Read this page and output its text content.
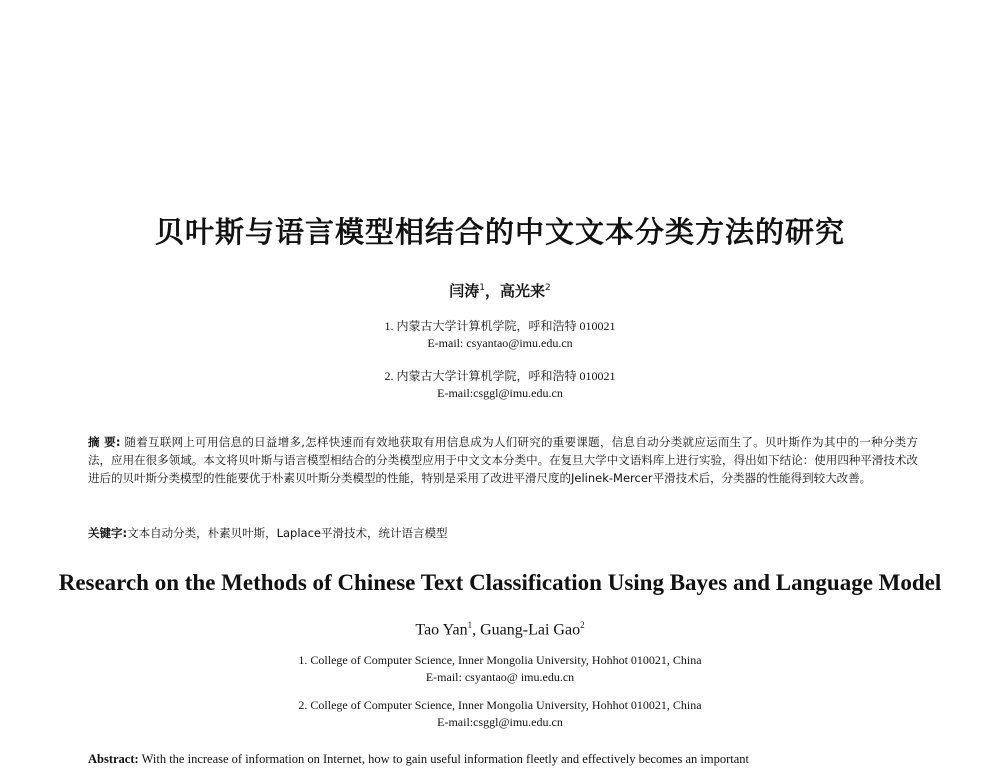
贝叶斯与语言模型相结合的中文文本分类方法的研究
闫涛$^1$，高光来$^2$
1. 内蒙古大学计算机学院，呼和浩特 010021
E-mail: csyantao@imu.edu.cn
2. 内蒙古大学计算机学院，呼和浩特 010021
E-mail:csggl@imu.edu.cn
摘 要: 随着互联网上可用信息的日益增多,怎样快速而有效地获取有用信息成为人们研究的重要课题，信息自动分类就应运而生了。贝叶斯作为其中的一种分类方法，应用在很多领域。本文将贝叶斯与语言模型相结合的分类模型应用于中文文本分类中。在复旦大学中文语料库上进行实验，得出如下结论：使用四种平滑技术改进后的贝叶斯分类模型的性能要优于朴素贝叶斯分类模型的性能，特别是采用了改进平滑尺度的Jelinek-Mercer平滑技术后，分类器的性能得到较大改善。
关键字:文本自动分类，朴素贝叶斯，Laplace平滑技术，统计语言模型
Research on the Methods of Chinese Text Classification Using Bayes and Language Model
Tao Yan$^1$, Guang-Lai Gao$^2$
1. College of Computer Science, Inner Mongolia University, Hohhot 010021, China
E-mail: csyantao@ imu.edu.cn
2. College of Computer Science, Inner Mongolia University, Hohhot 010021, China
E-mail:csggl@imu.edu.cn
Abstract: With the increase of information on Internet, how to gain useful information fleetly and effectively becomes an important
